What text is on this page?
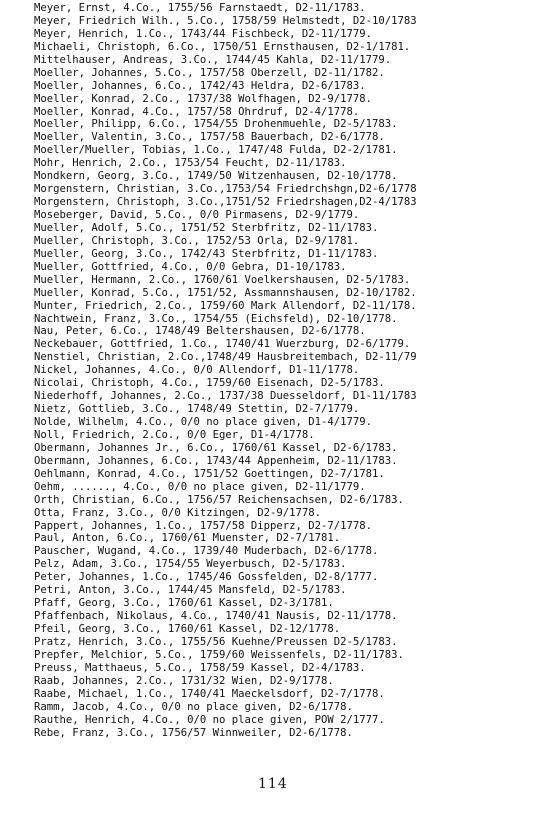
Meyer, Ernst, 4.Co., 1755/56 Farnstaedt, D2-11/1783.
Meyer, Friedrich Wilh., 5.Co., 1758/59 Helmstedt, D2-10/1783
Meyer, Henrich, 1.Co., 1743/44 Fischbeck, D2-11/1779.
Michaeli, Christoph, 6.Co., 1750/51 Ernsthausen, D2-1/1781.
Mittelhauser, Andreas, 3.Co., 1744/45 Kahla, D2-11/1779.
Moeller, Johannes, 5.Co., 1757/58 Oberzell, D2-11/1782.
Moeller, Johannes, 6.Co., 1742/43 Heldra, D2-6/1783.
Moeller, Konrad, 2.Co., 1737/38 Wolfhagen, D2-9/1778.
Moeller, Konrad, 4.Co., 1757/58 Ohrdruf, D2-4/1778.
Moeller, Philipp, 6.Co., 1754/55 Drohenmuehle, D2-5/1783.
Moeller, Valentin, 3.Co., 1757/58 Bauerbach, D2-6/1778.
Moeller/Mueller, Tobias, 1.Co., 1747/48 Fulda, D2-2/1781.
Mohr, Henrich, 2.Co., 1753/54 Feucht, D2-11/1783.
Mondkern, Georg, 3.Co., 1749/50 Witzenhausen, D2-10/1778.
Morgenstern, Christian, 3.Co.,1753/54 Friedrchshgn,D2-6/1778
Morgenstern, Christoph, 3.Co.,1751/52 Friedrshagen,D2-4/1783
Moseberger, David, 5.Co., 0/0 Pirmasens, D2-9/1779.
Mueller, Adolf, 5.Co., 1751/52 Sterbfritz, D2-11/1783.
Mueller, Christoph, 3.Co., 1752/53 Orla, D2-9/1781.
Mueller, Georg, 3.Co., 1742/43 Sterbfritz, D1-11/1783.
Mueller, Gottfried, 4.Co., 0/0 Gebra, D1-10/1783.
Mueller, Hermann, 2.Co., 1760/61 Voelkershausen, D2-5/1783.
Mueller, Konrad, 5.Co., 1751/52, Assmannshausen, D2-10/1782.
Munter, Friedrich, 2.Co., 1759/60 Mark Allendorf, D2-11/178.
Nachtwein, Franz, 3.Co., 1754/55 (Eichsfeld), D2-10/1778.
Nau, Peter, 6.Co., 1748/49 Beltershausen, D2-6/1778.
Neckebauer, Gottfried, 1.Co., 1740/41 Wuerzburg, D2-6/1779.
Nenstiel, Christian, 2.Co.,1748/49 Hausbreitembach, D2-11/79
Nickel, Johannes, 4.Co., 0/0 Allendorf, D1-11/1778.
Nicolai, Christoph, 4.Co., 1759/60 Eisenach, D2-5/1783.
Niederhoff, Johannes, 2.Co., 1737/38 Duesseldorf, D1-11/1783
Nietz, Gottlieb, 3.Co., 1748/49 Stettin, D2-7/1779.
Nolde, Wilhelm, 4.Co., 0/0 no place given, D1-4/1779.
Noll, Friedrich, 2.Co., 0/0 Eger, D1-4/1778.
Obermann, Johannes Jr., 6.Co., 1760/61 Kassel, D2-6/1783.
Obermann, Johannes, 6.Co., 1743/44 Appenheim, D2-11/1783.
Oehlmann, Konrad, 4.Co., 1751/52 Goettingen, D2-7/1781.
Oehm, ......, 4.Co., 0/0 no place given, D2-11/1779.
Orth, Christian, 6.Co., 1756/57 Reichensachsen, D2-6/1783.
Otta, Franz, 3.Co., 0/0 Kitzingen, D2-9/1778.
Pappert, Johannes, 1.Co., 1757/58 Dipperz, D2-7/1778.
Paul, Anton, 6.Co., 1760/61 Muenster, D2-7/1781.
Pauscher, Wugand, 4.Co., 1739/40 Muderbach, D2-6/1778.
Pelz, Adam, 3.Co., 1754/55 Weyerbusch, D2-5/1783.
Peter, Johannes, 1.Co., 1745/46 Gossfelden, D2-8/1777.
Petri, Anton, 3.Co., 1744/45 Mansfeld, D2-5/1783.
Pfaff, Georg, 3.Co., 1760/61 Kassel, D2-3/1781.
Pfaffenbach, Nikolaus, 4.Co., 1740/41 Nausis, D2-11/1778.
Pfeil, Georg, 3.Co., 1760/61 Kassel, D2-12/1778.
Pratz, Henrich, 3.Co., 1755/56 Kuehne/Preussen D2-5/1783.
Prepfer, Melchior, 5.Co., 1759/60 Weissenfels, D2-11/1783.
Preuss, Matthaeus, 5.Co., 1758/59 Kassel, D2-4/1783.
Raab, Johannes, 2.Co., 1731/32 Wien, D2-9/1778.
Raabe, Michael, 1.Co., 1740/41 Maeckelsdorf, D2-7/1778.
Ramm, Jacob, 4.Co., 0/0 no place given, D2-6/1778.
Rauthe, Henrich, 4.Co., 0/0 no place given, POW 2/1777.
Rebe, Franz, 3.Co., 1756/57 Winnweiler, D2-6/1778.
114
